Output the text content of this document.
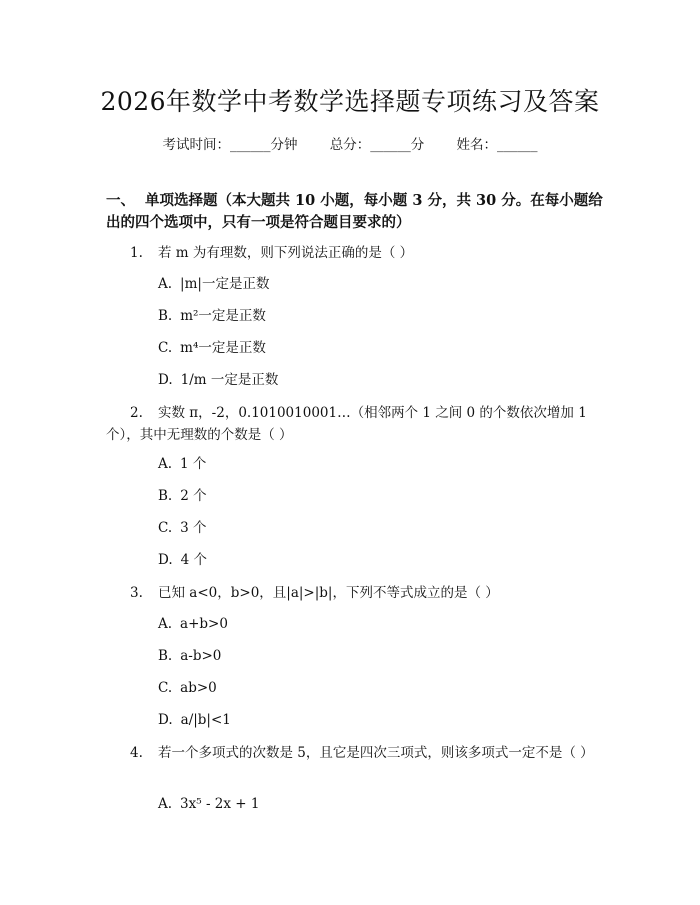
2026年数学中考数学选择题专项练习及答案
考试时间：______分钟 总分：______分 姓名：______
一、 单项选择题（本大题共 10 小题，每小题 3 分，共 30 分。在每小题给出的四个选项中，只有一项是符合题目要求的）
1. 若 m 为有理数，则下列说法正确的是（ ）
A. |m|一定是正数
B. m²一定是正数
C. m⁴一定是正数
D. 1/m 一定是正数
2. 实数 π，-2，0.1010010001…（相邻两个 1 之间 0 的个数依次增加 1 个），其中无理数的个数是（ ）
A. 1 个
B. 2 个
C. 3 个
D. 4 个
3. 已知 a<0，b>0，且|a|>|b|，下列不等式成立的是（ ）
A. a+b>0
B. a-b>0
C. ab>0
D. a/|b|<1
4. 若一个多项式的次数是 5，且它是四次三项式，则该多项式一定不是（ ）
A. 3x⁵ - 2x + 1
